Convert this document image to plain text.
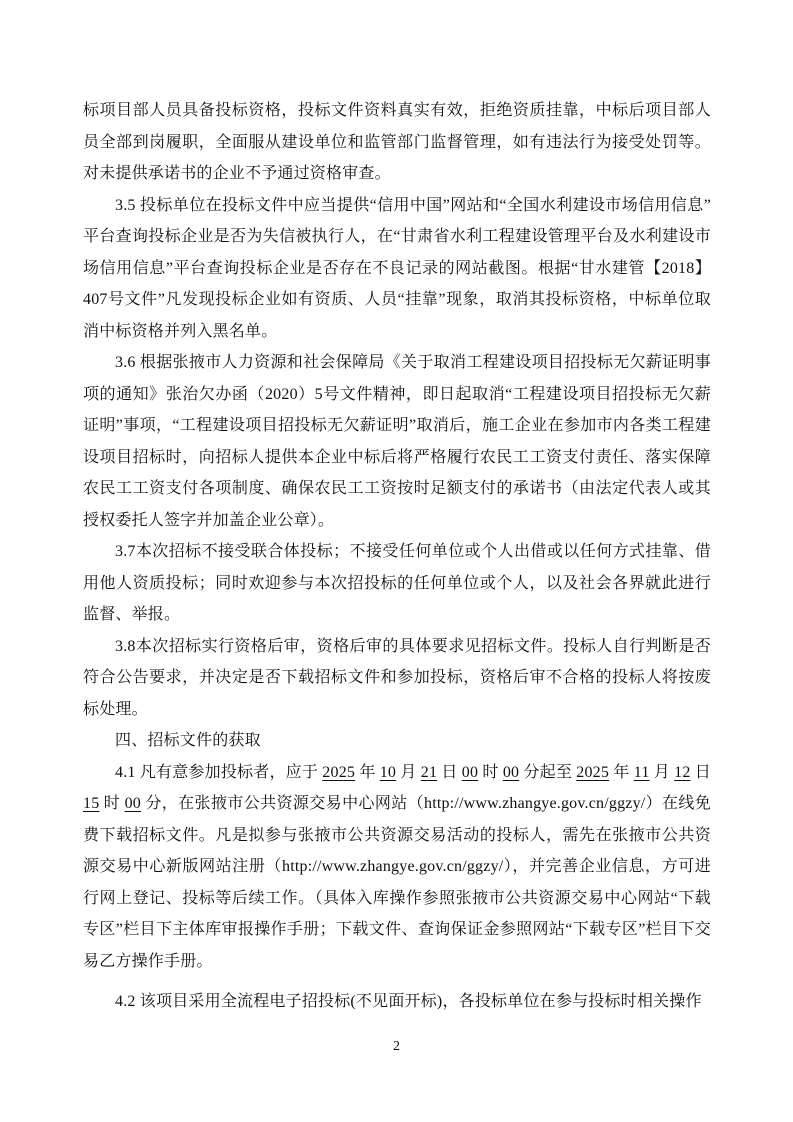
标项目部人员具备投标资格，投标文件资料真实有效，拒绝资质挂靠，中标后项目部人员全部到岗履职，全面服从建设单位和监管部门监督管理，如有违法行为接受处罚等。对未提供承诺书的企业不予通过资格审查。

3.5 投标单位在投标文件中应当提供“信用中国”网站和“全国水利建设市场信用信息”平台查询投标企业是否为失信被执行人，在“甘肃省水利工程建设管理平台及水利建设市场信用信息”平台查询投标企业是否存在不良记录的网站截图。根据“甘水建管【2018】407号文件”凡发现投标企业如有资质、人员“挂靠”现象，取消其投标资格，中标单位取消中标资格并列入黑名单。

3.6 根据张掖市人力资源和社会保障局《关于取消工程建设项目招投标无欠薪证明事项的通知》张治欠办函（2020）5号文件精神，即日起取消“工程建设项目招投标无欠薪证明”事项，“工程建设项目招投标无欠薪证明”取消后，施工企业在参加市内各类工程建设项目招标时，向招标人提供本企业中标后将严格履行农民工工资支付责任、落实保障农民工工资支付各项制度、确保农民工工资按时足额支付的承诺书（由法定代表人或其授权委托人签字并加盖企业公章）。

3.7本次招标不接受联合体投标；不接受任何单位或个人出借或以任何方式挂靠、借用他人资质投标；同时欢迎参与本次招投标的任何单位或个人，以及社会各界就此进行监督、举报。

3.8本次招标实行资格后审，资格后审的具体要求见招标文件。投标人自行判断是否符合公告要求，并决定是否下载招标文件和参加投标，资格后审不合格的投标人将按废标处理。

四、招标文件的获取

4.1 凡有意参加投标者，应于 2025 年 10 月 21 日 00 时 00 分起至 2025 年 11 月 12 日 15 时 00 分，在张掖市公共资源交易中心网站（http://www.zhangye.gov.cn/ggzy/）在线免费下载招标文件。凡是拟参与张掖市公共资源交易活动的投标人，需先在张掖市公共资源交易中心新版网站注册（http://www.zhangye.gov.cn/ggzy/），并完善企业信息，方可进行网上登记、投标等后续工作。（具体入库操作参照张掖市公共资源交易中心网站“下载专区”栏目下主体库审报操作手册；下载文件、查询保证金参照网站“下载专区”栏目下交易乙方操作手册。

4.2 该项目采用全流程电子招投标(不见面开标)，各投标单位在参与投标时相关操作

2
